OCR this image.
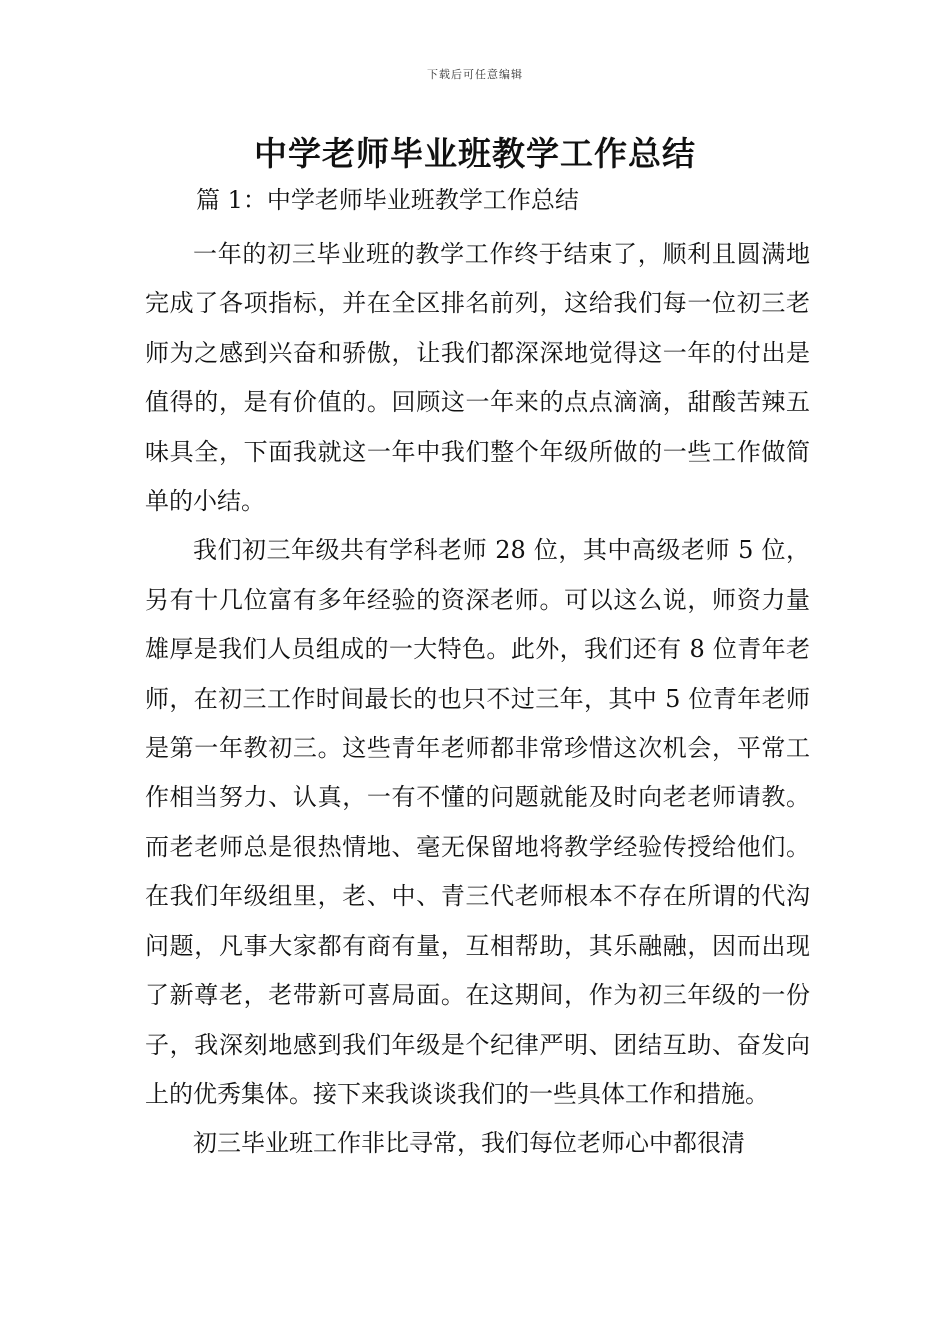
下载后可任意编辑
中学老师毕业班教学工作总结
篇 1：中学老师毕业班教学工作总结

一年的初三毕业班的教学工作终于结束了，顺利且圆满地完成了各项指标，并在全区排名前列，这给我们每一位初三老师为之感到兴奋和骄傲，让我们都深深地觉得这一年的付出是值得的，是有价值的。回顾这一年来的点点滴滴，甜酸苦辣五味具全，下面我就这一年中我们整个年级所做的一些工作做简单的小结。

我们初三年级共有学科老师 28 位，其中高级老师 5 位，另有十几位富有多年经验的资深老师。可以这么说，师资力量雄厚是我们人员组成的一大特色。此外，我们还有 8 位青年老师，在初三工作时间最长的也只不过三年，其中 5 位青年老师是第一年教初三。这些青年老师都非常珍惜这次机会，平常工作相当努力、认真，一有不懂的问题就能及时向老老师请教。而老老师总是很热情地、毫无保留地将教学经验传授给他们。在我们年级组里，老、中、青三代老师根本不存在所谓的代沟问题，凡事大家都有商有量，互相帮助，其乐融融，因而出现了新尊老，老带新可喜局面。在这期间，作为初三年级的一份子，我深刻地感到我们年级是个纪律严明、团结互助、奋发向上的优秀集体。接下来我谈谈我们的一些具体工作和措施。

初三毕业班工作非比寻常，我们每位老师心中都很清
